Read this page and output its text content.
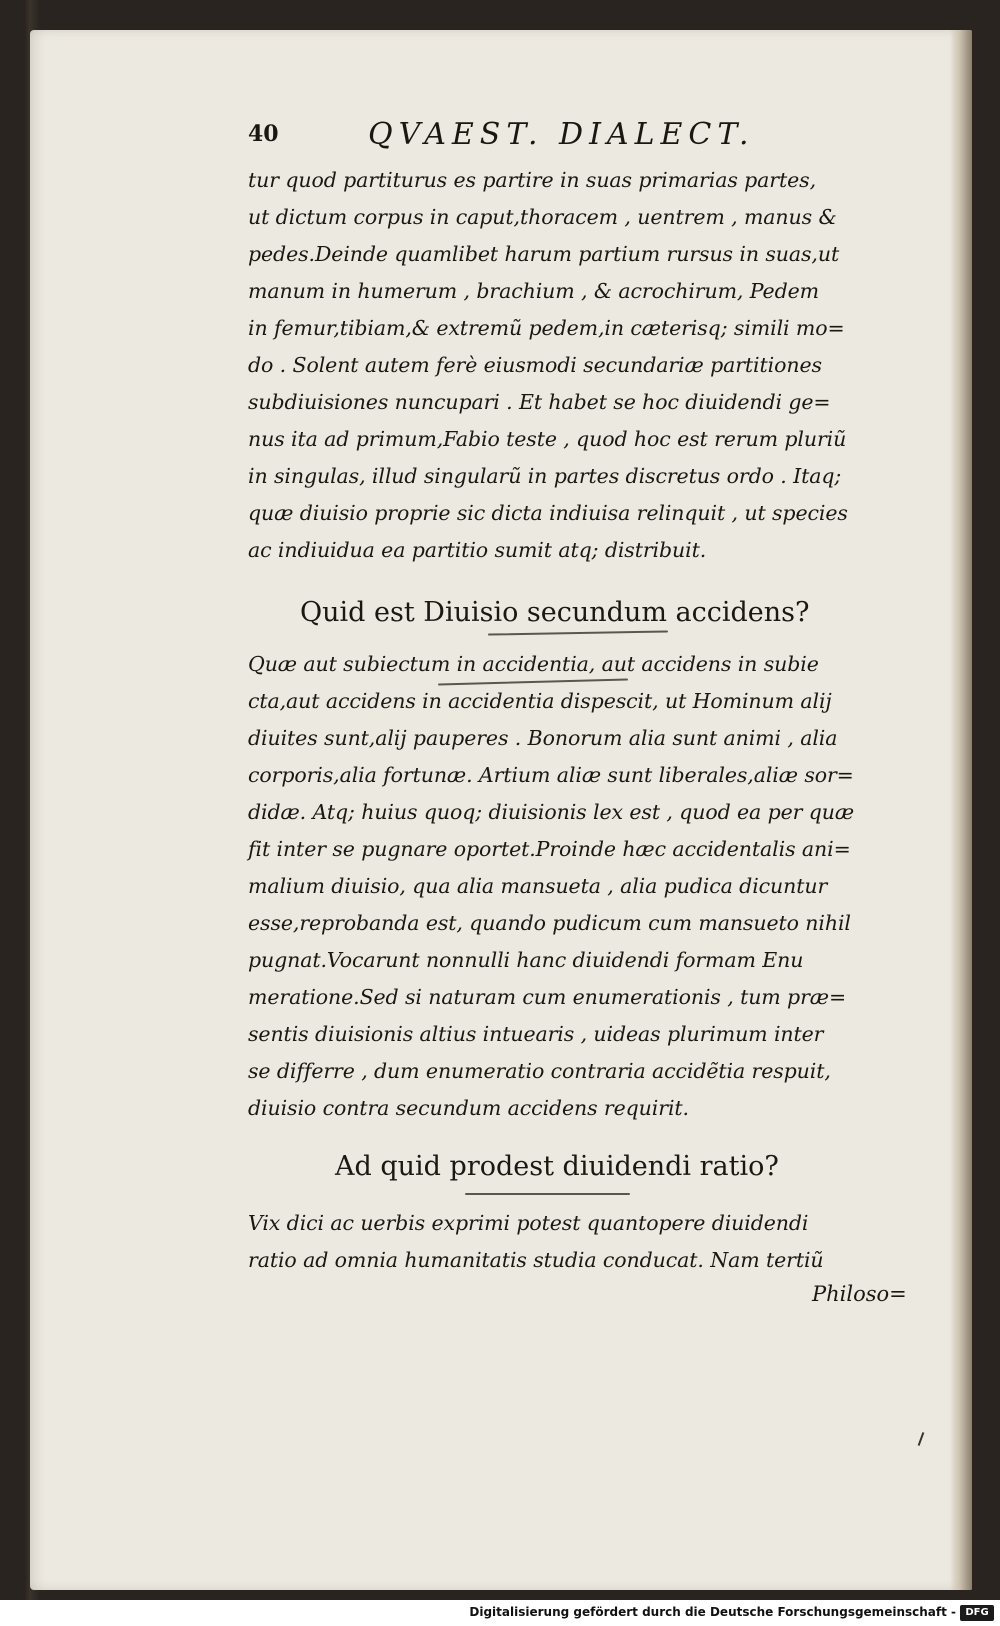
40	QVAEST. DIALECT.
tur quod partiturus es partire in suas primarias partes,
ut dictum corpus in caput,thoracem , uentrem , manus &
pedes.Deinde quamlibet harum partium rursus in suas,ut
manum in humerum , brachium , & acrochirum, Pedem
in femur,tibiam,& extremũ pedem,in cæterisq; simili mo=
do . Solent autem ferè eiusmodi secundariæ partitiones
subdiuisiones nuncupari . Et habet se hoc diuidendi ge=
nus ita ad primum,Fabio teste , quod hoc est rerum pluriũ
in singulas, illud singularũ in partes discretus ordo . Itaq;
quæ diuisio proprie sic dicta indiuisa relinquit , ut species
ac indiuidua ea partitio sumit atq; distribuit.
Quid est Diuisio secundum accidens?
Quæ aut subiectum in accidentia, aut accidens in subie
cta,aut accidens in accidentia dispescit, ut Hominum alij
diuites sunt,alij pauperes . Bonorum alia sunt animi , alia
corporis,alia fortunæ. Artium aliæ sunt liberales,aliæ sor=
didæ. Atq; huius quoq; diuisionis lex est , quod ea per quæ
fit inter se pugnare oportet.Proinde hæc accidentalis ani=
malium diuisio, qua alia mansueta , alia pudica dicuntur
esse,reprobanda est, quando pudicum cum mansueto nihil
pugnat.Vocarunt nonnulli hanc diuidendi formam Enu
meratione.Sed si naturam cum enumerationis , tum præ=
sentis diuisionis altius intuearis , uideas plurimum inter
se differre , dum enumeratio contraria accidẽtia respuit,
diuisio contra secundum accidens requirit.
Ad quid prodest diuidendi ratio?
Vix dici ac uerbis exprimi potest quantopere diuidendi
ratio ad omnia humanitatis studia conducat. Nam tertiũ
Philoso=
Digitalisierung gefördert durch die Deutsche Forschungsgemeinschaft - DFG
